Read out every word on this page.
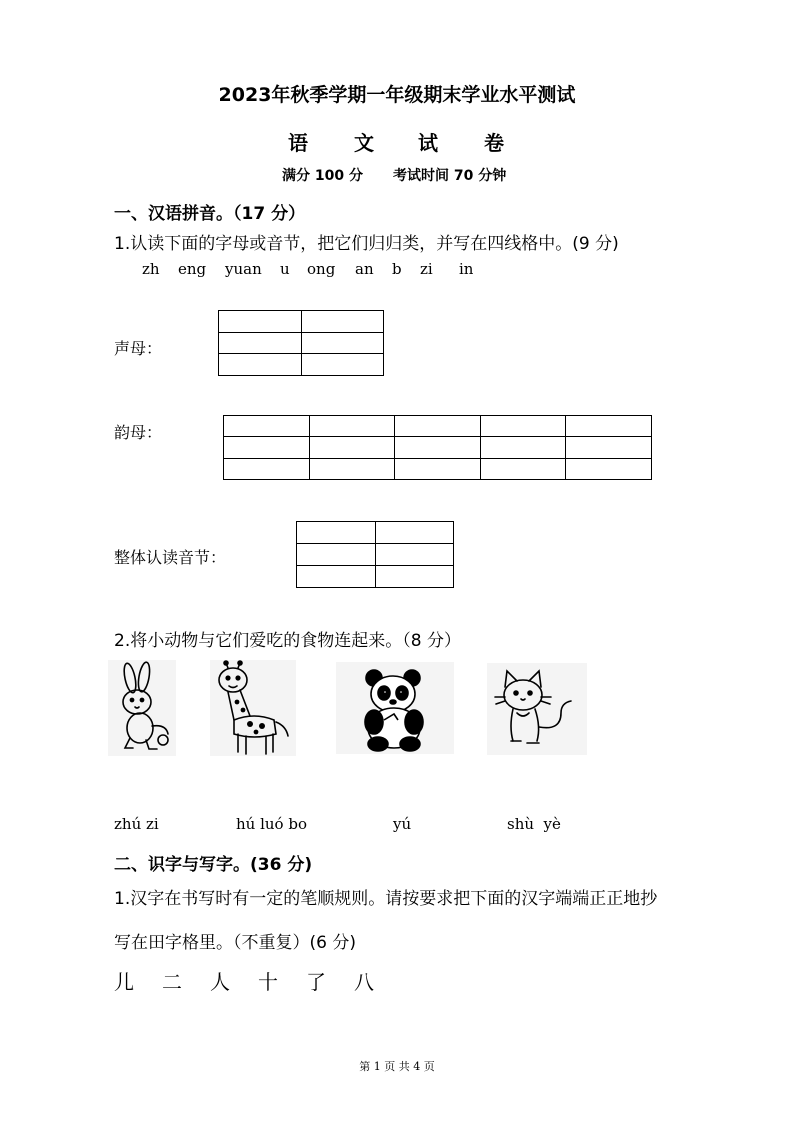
2023年秋季学期一年级期末学业水平测试
语 文 试 卷
满分 100 分 考试时间 70 分钟
一、汉语拼音。（17 分）
1.认读下面的字母或音节，把它们归归类，并写在四线格中。(9 分)
zh eng yuan u ong an b zi in
声母：

韵母：

整体认读音节：

2.将小动物与它们爱吃的食物连起来。（8 分）
zhú zi	hú luó bo	yú	shù  yè
二、识字与写字。(36 分)
1.汉字在书写时有一定的笔顺规则。请按要求把下面的汉字端端正正地抄
写在田字格里。（不重复）(6 分)
儿 二 人 十 了 八
第 1 页 共 4 页
